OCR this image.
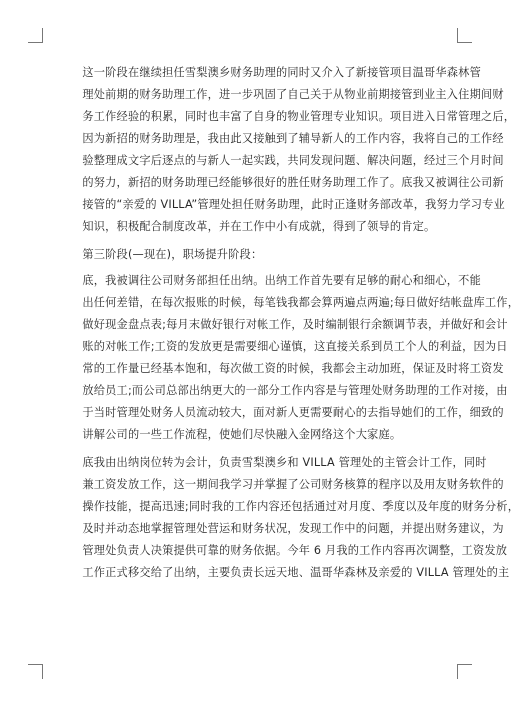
这一阶段在继续担任雪梨澳乡财务助理的同时又介入了新接管项目温哥华森林管
理处前期的财务助理工作，进一步巩固了自己关于从物业前期接管到业主入住期间财
务工作经验的积累，同时也丰富了自身的物业管理专业知识。项目进入日常管理之后，
因为新招的财务助理是，我由此又接触到了辅导新人的工作内容，我将自己的工作经
验整理成文字后逐点的与新人一起实践，共同发现问题、解决问题，经过三个月时间
的努力，新招的财务助理已经能够很好的胜任财务助理工作了。底我又被调往公司新
接管的“亲爱的 VILLA”管理处担任财务助理，此时正逢财务部改革，我努力学习专业
知识，积极配合制度改革，并在工作中小有成就，得到了领导的肯定。

第三阶段(—现在)，职场提升阶段：

底，我被调往公司财务部担任出纳。出纳工作首先要有足够的耐心和细心，不能
出任何差错，在每次报账的时候，每笔钱我都会算两遍点两遍;每日做好结帐盘库工作，
做好现金盘点表;每月末做好银行对帐工作，及时编制银行余额调节表，并做好和会计
账的对帐工作;工资的发放更是需要细心谨慎，这直接关系到员工个人的利益，因为日
常的工作量已经基本饱和，每次做工资的时候，我都会主动加班，保证及时将工资发
放给员工;而公司总部出纳更大的一部分工作内容是与管理处财务助理的工作对接，由
于当时管理处财务人员流动较大，面对新人更需要耐心的去指导她们的工作，细致的
讲解公司的一些工作流程，使她们尽快融入金网络这个大家庭。

底我由出纳岗位转为会计，负责雪梨澳乡和 VILLA 管理处的主管会计工作，同时
兼工资发放工作，这一期间我学习并掌握了公司财务核算的程序以及用友财务软件的
操作技能，提高迅速;同时我的工作内容还包括通过对月度、季度以及年度的财务分析，
及时并动态地掌握管理处营运和财务状况，发现工作中的问题，并提出财务建议，为
管理处负责人决策提供可靠的财务依据。今年 6 月我的工作内容再次调整，工资发放
工作正式移交给了出纳，主要负责长远天地、温哥华森林及亲爱的 VILLA 管理处的主
